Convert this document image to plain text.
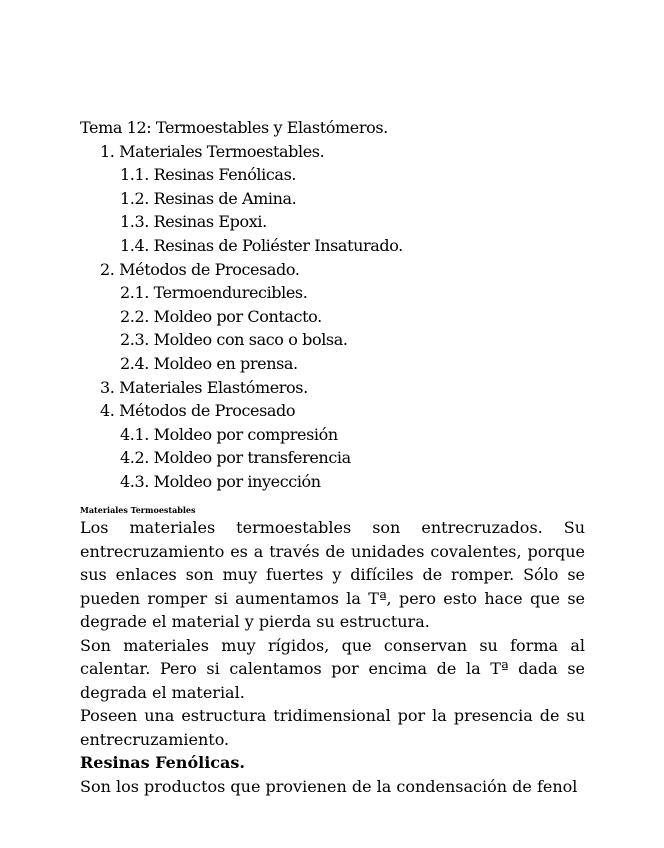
Tema 12: Termoestables y Elastómeros.
1. Materiales Termoestables.
1.1. Resinas Fenólicas.
1.2. Resinas de Amina.
1.3. Resinas Epoxi.
1.4. Resinas de Poliéster Insaturado.
2. Métodos de Procesado.
2.1. Termoendurecibles.
2.2. Moldeo por Contacto.
2.3. Moldeo con saco o bolsa.
2.4. Moldeo en prensa.
3. Materiales Elastómeros.
4. Métodos de Procesado
4.1. Moldeo por compresión
4.2. Moldeo por transferencia
4.3. Moldeo por inyección
Materiales Termoestables

Los materiales termoestables son entrecruzados. Su entrecruzamiento es a través de unidades covalentes, porque sus enlaces son muy fuertes y difíciles de romper. Sólo se pueden romper si aumentamos la Tª, pero esto hace que se degrade el material y pierda su estructura.

Son materiales muy rígidos, que conservan su forma al calentar. Pero si calentamos por encima de la Tª dada se degrada el material.

Poseen una estructura tridimensional por la presencia de su entrecruzamiento.

Resinas Fenólicas.

Son los productos que provienen de la condensación de fenol
